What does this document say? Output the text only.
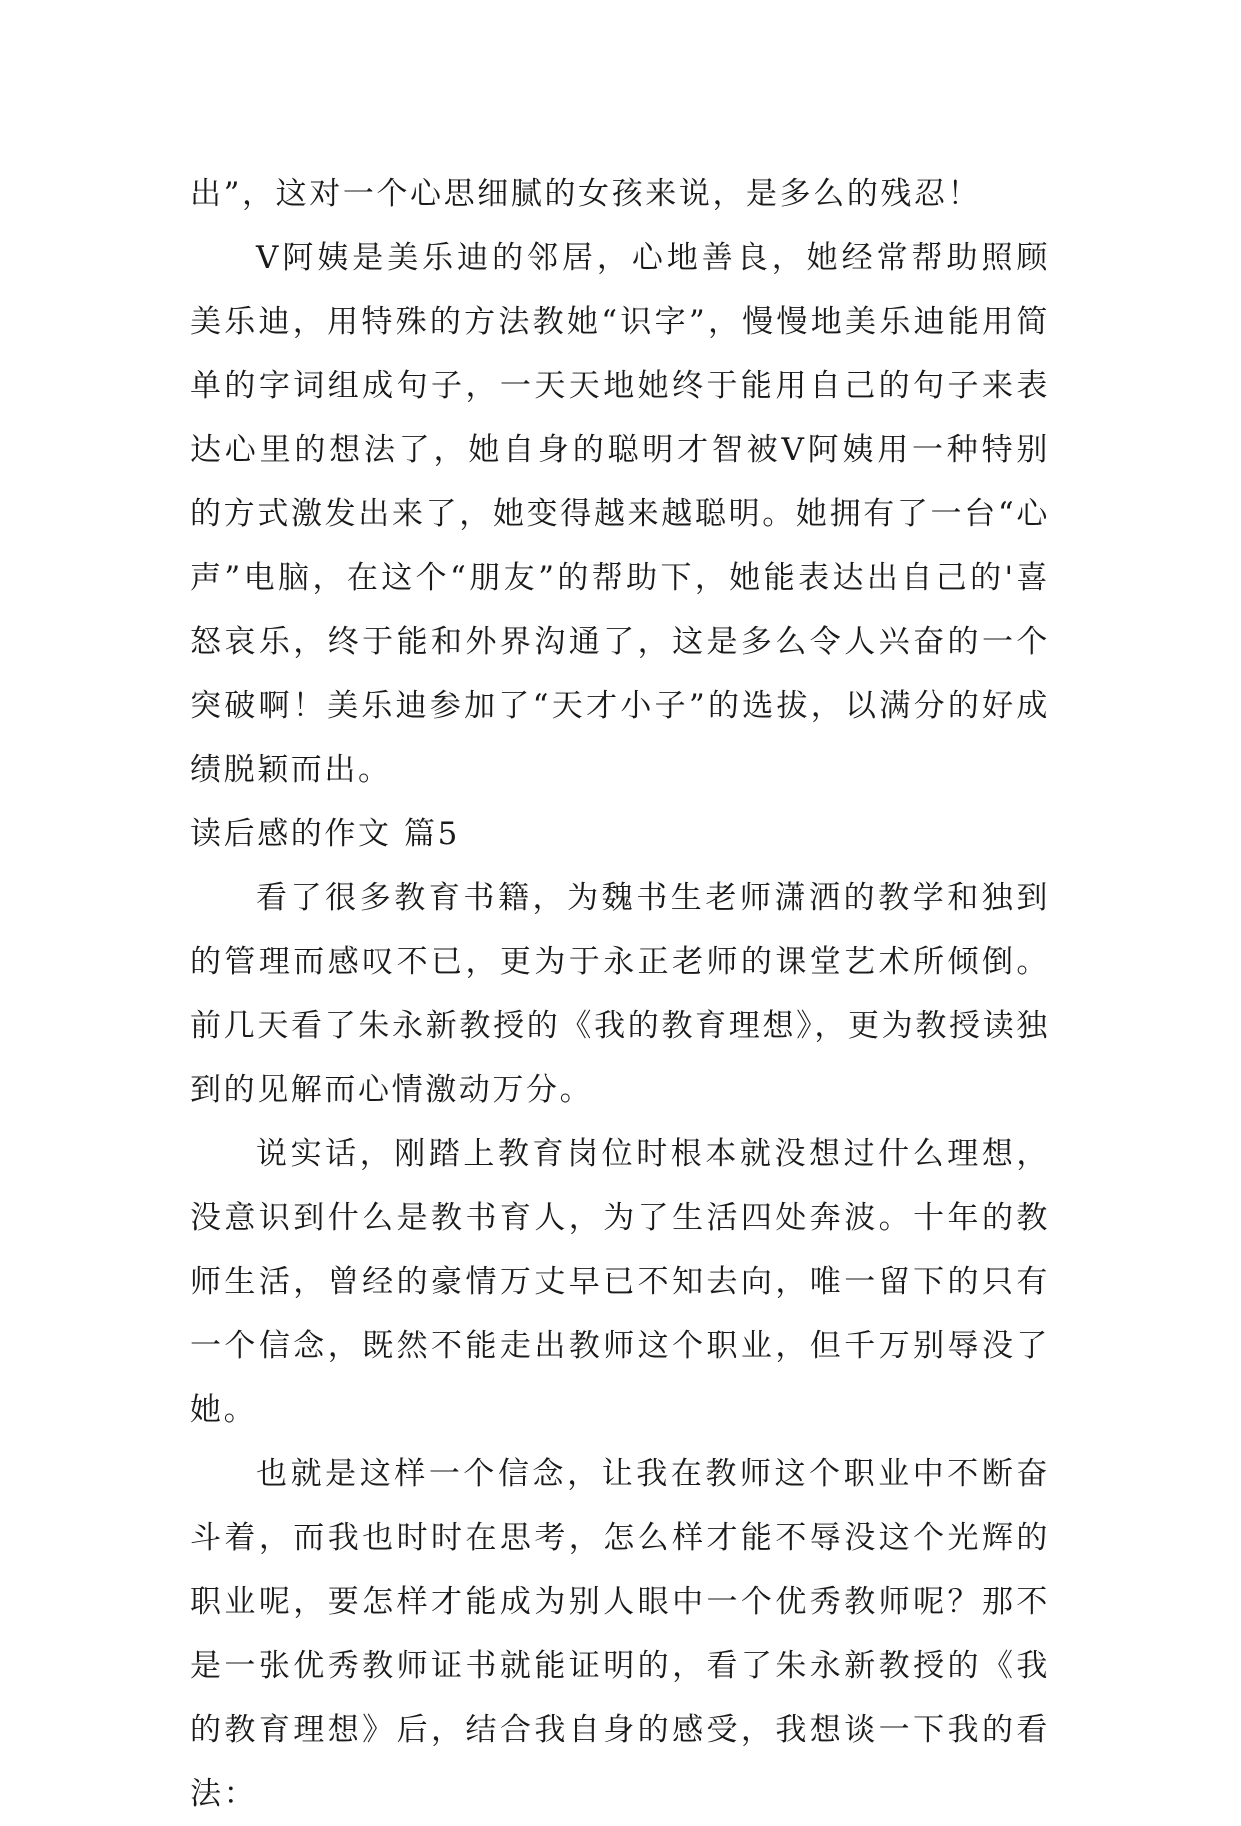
出”，这对一个心思细腻的女孩来说，是多么的残忍！

V阿姨是美乐迪的邻居，心地善良，她经常帮助照顾美乐迪，用特殊的方法教她“识字”，慢慢地美乐迪能用简单的字词组成句子，一天天地她终于能用自己的句子来表达心里的想法了，她自身的聪明才智被V阿姨用一种特别的方式激发出来了，她变得越来越聪明。她拥有了一台“心声”电脑，在这个“朋友”的帮助下，她能表达出自己的'喜怒哀乐，终于能和外界沟通了，这是多么令人兴奋的一个突破啊！美乐迪参加了“天才小子”的选拔，以满分的好成绩脱颖而出。

读后感的作文 篇5

看了很多教育书籍，为魏书生老师潇洒的教学和独到的管理而感叹不已，更为于永正老师的课堂艺术所倾倒。前几天看了朱永新教授的《我的教育理想》，更为教授读独到的见解而心情激动万分。

说实话，刚踏上教育岗位时根本就没想过什么理想，没意识到什么是教书育人，为了生活四处奔波。十年的教师生活，曾经的豪情万丈早已不知去向，唯一留下的只有一个信念，既然不能走出教师这个职业，但千万别辱没了她。

也就是这样一个信念，让我在教师这个职业中不断奋斗着，而我也时时在思考，怎么样才能不辱没这个光辉的职业呢，要怎样才能成为别人眼中一个优秀教师呢？那不是一张优秀教师证书就能证明的，看了朱永新教授的《我的教育理想》后，结合我自身的感受，我想谈一下我的看法：
